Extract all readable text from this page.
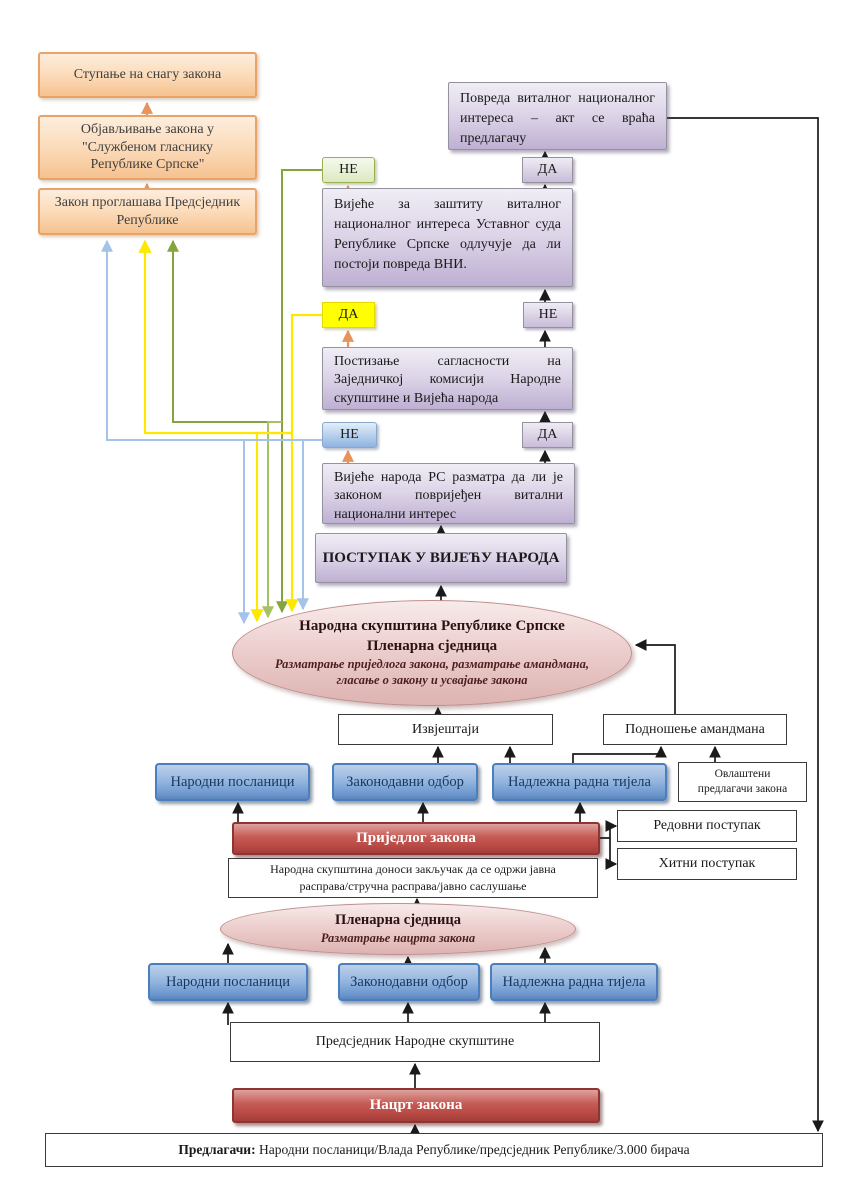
Ступање на снагу закона
Објављивање закона у "Службеном гласнику Републике Српске"
Закон проглашава Предсједник Републике
Повреда виталног националног интереса – акт се враћа предлагачу
ДА
НЕ
Вијеће за заштиту виталног националног интереса Уставног суда Републике Српске одлучује да ли постоји повреда ВНИ.
ДА	НЕ
Постизање сагласности на Заједничкој комисији Народне скупштине и Вијећа народа
НЕ	ДА
Вијеће народа РС разматра да ли је законом повријеђен витални национални интерес
ПОСТУПАК У ВИЈЕЋУ НАРОДА
Народна скупштина Републике Српске
Пленарна сједница
Разматрање приједлога закона, разматрање амандмана, гласање о закону и усвајање закона
Извјештаји	Подношење амандмана
Народни посланици	Законодавни одбор	Надлежна радна тијела	Овлаштени предлагачи закона
Приједлог закона
Редовни поступак
Хитни поступак
Народна скупштина доноси закључак да се одржи јавна расправа/стручна расправа/јавно саслушање
Пленарна сједница
Разматрање нацрта закона
Народни посланици	Законодавни одбор Надлежна радна тијела
Предсједник Народне скупштине
Нацрт закона
Предлагачи: Народни посланици/Влада Републике/предсједник Републике/3.000 бирача
